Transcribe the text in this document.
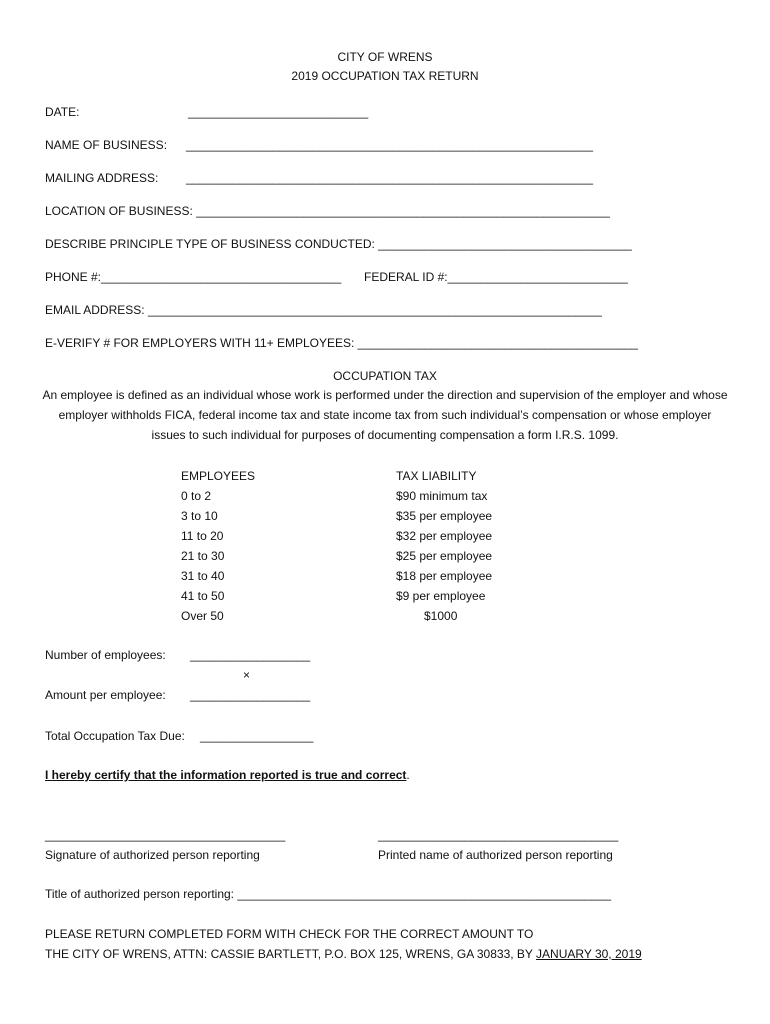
CITY OF WRENS
2019 OCCUPATION TAX RETURN
DATE:	___________________________
NAME OF BUSINESS: _____________________________________________________________
MAILING ADDRESS: _____________________________________________________________
LOCATION OF BUSINESS: ______________________________________________________________
DESCRIBE PRINCIPLE TYPE OF BUSINESS CONDUCTED: ______________________________________
PHONE #:____________________________________ FEDERAL ID #:___________________________
EMAIL ADDRESS: ____________________________________________________________________
E-VERIFY # FOR EMPLOYERS WITH 11+ EMPLOYEES: __________________________________________
OCCUPATION TAX
An employee is defined as an individual whose work is performed under the direction and supervision of the employer and whose employer withholds FICA, federal income tax and state income tax from such individual’s compensation or whose employer issues to such individual for purposes of documenting compensation a form I.R.S. 1099.
EMPLOYEES	TAX LIABILITY
0 to 2	$90 minimum tax
3 to 10	$35 per employee
11 to 20	$32 per employee
21 to 30	$25 per employee
31 to 40	$18 per employee
41 to 50	$9 per employee
Over 50	$1000
Number of employees: __________________
×
Amount per employee: __________________
Total Occupation Tax Due: _________________
I hereby certify that the information reported is true and correct.
____________________________________	____________________________________
Signature of authorized person reporting	Printed name of authorized person reporting
Title of authorized person reporting: ________________________________________________________
PLEASE RETURN COMPLETED FORM WITH CHECK FOR THE CORRECT AMOUNT TO
THE CITY OF WRENS, ATTN: CASSIE BARTLETT, P.O. BOX 125, WRENS, GA 30833, BY JANUARY 30, 2019
